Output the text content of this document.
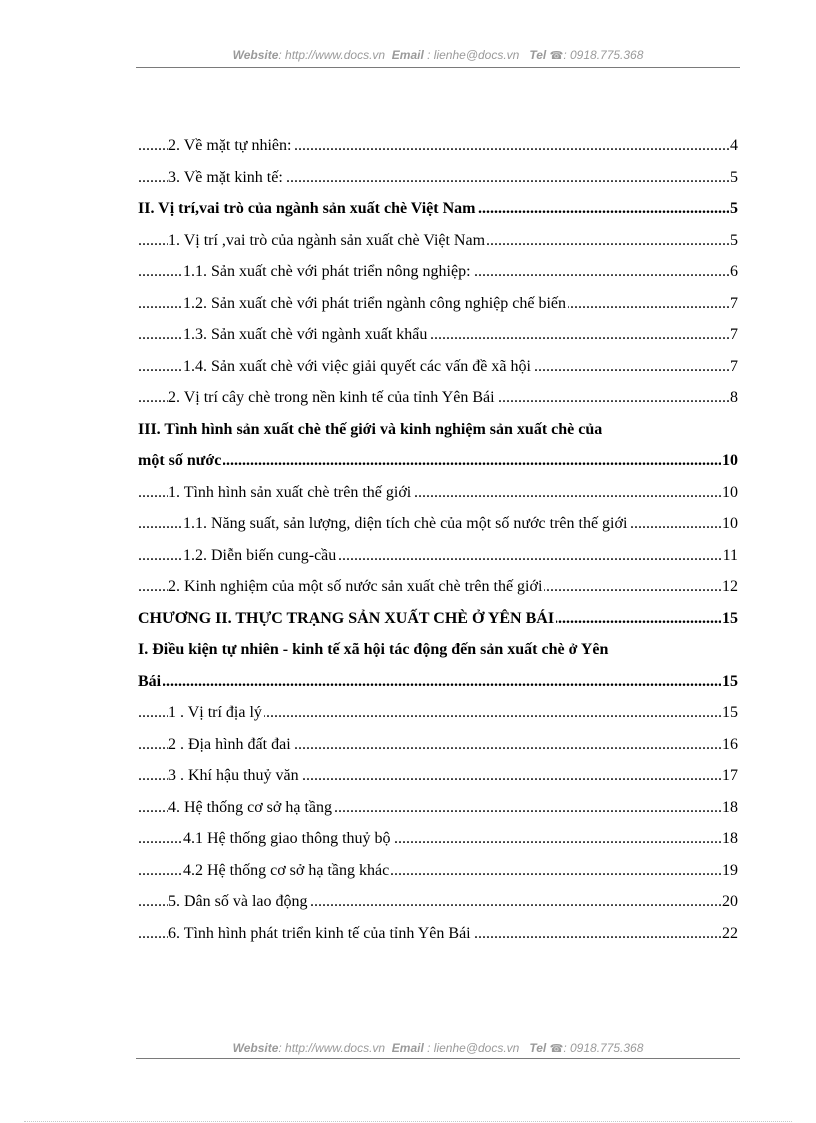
Website: http://www.docs.vn Email : lienhe@docs.vn Tel ☎: 0918.775.368
.....
2. Về mặt tự nhiên:	4
.....
3. Về mặt kinh tế:	5
.....
II. Vị trí,vai trò của ngành sản xuất chè Việt Nam	5
.....
1. Vị trí ,vai trò của ngành sản xuất chè Việt Nam	5
.....
1.1. Sản xuất chè với phát triển nông nghiệp:	6
.....
1.2. Sản xuất chè với phát triển ngành công nghiệp chế biến	7
.....
1.3. Sản xuất chè với ngành xuất khẩu	7
.....
1.4. Sản xuất chè với việc giải quyết các vấn đề xã hội	7
.....
2. Vị trí cây chè trong nền kinh tế của tỉnh Yên Bái	8
III. Tình hình sản xuất chè thế giới và kinh nghiệm sản xuất chè của
.....
một số nước	10
.....
1. Tình hình sản xuất chè trên thế giới	10
.....
1.1. Năng suất, sản lượng, diện tích chè của một số nước trên thế giới	10
.....
1.2. Diễn biến cung-cầu	11
.....
2. Kinh nghiệm của một số nước sản xuất chè trên thế giới	12
.....
CHƯƠNG II. THỰC TRẠNG SẢN XUẤT CHÈ Ở YÊN BÁI	15
I. Điều kiện tự nhiên - kinh tế xã hội tác động đến sản xuất chè ở Yên
.....
Bái	15
.....
1 . Vị trí địa lý	15
.....
2 . Địa hình đất đai	16
.....
3 . Khí hậu thuỷ văn	17
.....
4. Hệ thống cơ sở hạ tầng	18
.....
4.1 Hệ thống giao thông thuỷ bộ	18
.....
4.2 Hệ thống cơ sở hạ tầng khác	19
.....
5. Dân số và lao động	20
.....
6. Tình hình phát triển kinh tế của tỉnh Yên Bái	22
Website: http://www.docs.vn Email : lienhe@docs.vn Tel ☎: 0918.775.368
